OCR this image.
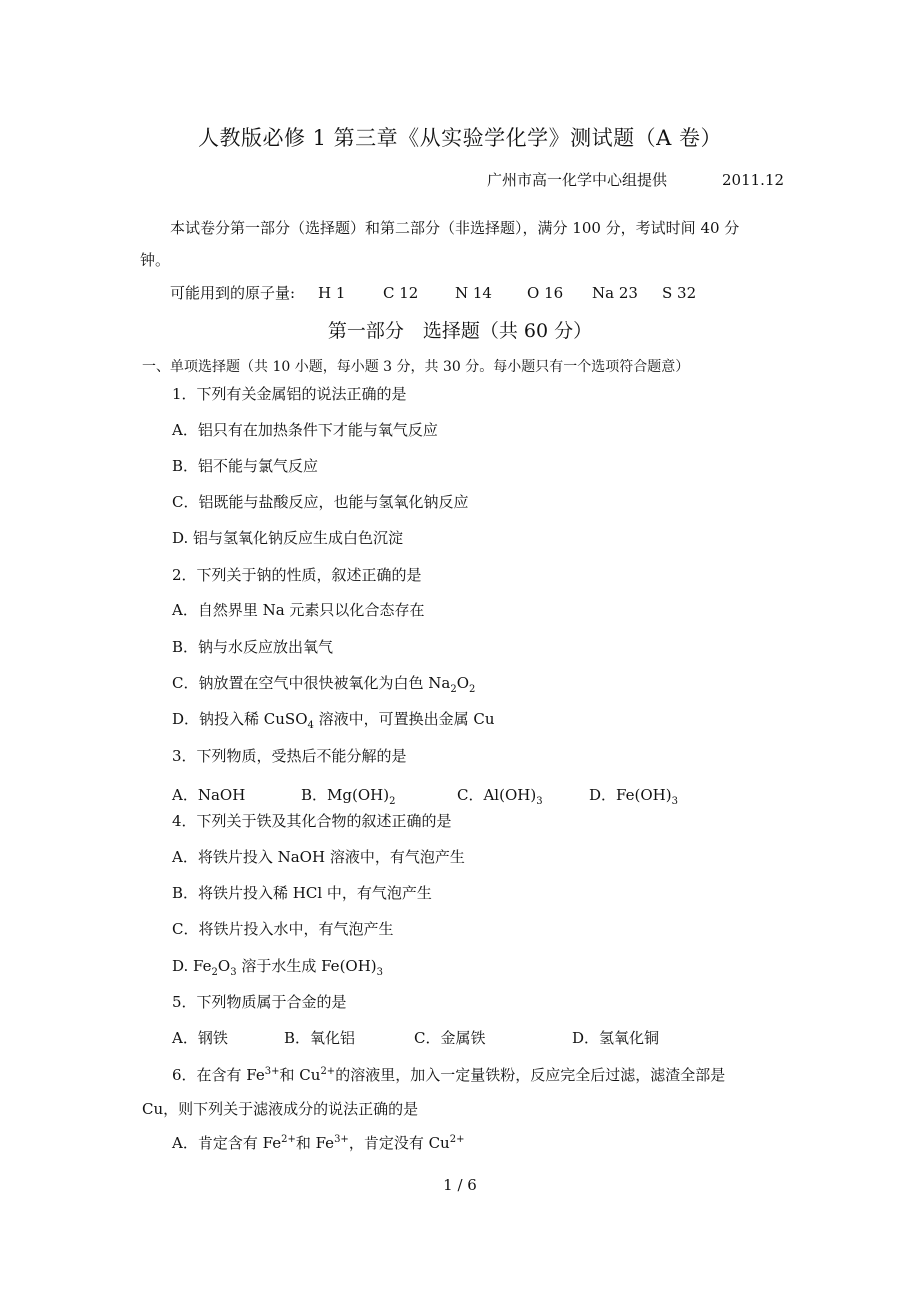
人教版必修 1 第三章《从实验学化学》测试题（A 卷）
广州市高一化学中心组提供	2011.12
本试卷分第一部分（选择题）和第二部分（非选择题），满分 100 分，考试时间 40 分
钟。
可能用到的原子量: H 1	C 12 N 14 O 16 Na 23 S 32
第一部分　选择题（共 60 分）
一、单项选择题（共 10 小题，每小题 3 分，共 30 分。每小题只有一个选项符合题意）
1．下列有关金属铝的说法正确的是
A．铝只有在加热条件下才能与氧气反应
B．铝不能与氯气反应
C．铝既能与盐酸反应，也能与氢氧化钠反应
D. 铝与氢氧化钠反应生成白色沉淀
2．下列关于钠的性质，叙述正确的是
A．自然界里 Na 元素只以化合态存在
B．钠与水反应放出氧气
C．钠放置在空气中很快被氧化为白色 $Na_2O_2$
D．钠投入稀 CuSO$_4$ 溶液中，可置换出金属 Cu
3．下列物质，受热后不能分解的是
A．NaOH	B．$Mg(OH)_2$	C．$Al(OH)_3$	D．$Fe(OH)_3$
4．下列关于铁及其化合物的叙述正确的是
A．将铁片投入 NaOH 溶液中，有气泡产生
B．将铁片投入稀 HCl 中，有气泡产生
C．将铁片投入水中，有气泡产生
D. $Fe_2O_3$ 溶于水生成 $Fe(OH)_3$
5．下列物质属于合金的是
A．钢铁	B．氧化铝	C．金属铁	D．氢氧化铜
6．在含有 $Fe^{3+}$和 $Cu^{2+}$的溶液里，加入一定量铁粉，反应完全后过滤，滤渣全部是
Cu，则下列关于滤液成分的说法正确的是
A．肯定含有 $Fe^{2+}$和 $Fe^{3+}$，肯定没有 $Cu^{2+}$
1 / 6
